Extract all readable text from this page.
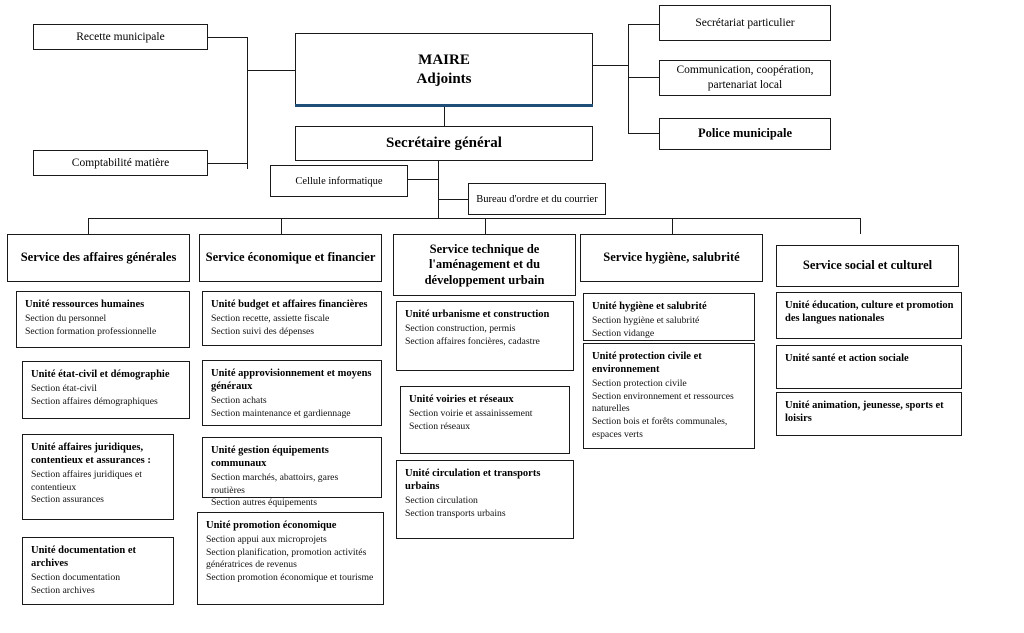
Recette municipale
Comptabilité matière
MAIRE
Adjoints
Secrétariat particulier
Communication, coopération,
partenariat local
Police municipale
Secrétaire général
Cellule informatique
Bureau d'ordre et du courrier
Service des affaires générales Service économique et financier
Service technique de l'aménagement et du développement urbain
Service hygiène, salubrité
Service social et culturel
Unité ressources humaines
Section du personnel
Section formation professionnelle
Unité état-civil et démographie
Section état-civil
Section affaires démographiques
Unité affaires juridiques, contentieux et assurances :
Section affaires juridiques et contentieux
Section assurances
Unité documentation et archives
Section documentation
Section archives
Unité budget et affaires financières
Section recette, assiette fiscale
Section suivi des dépenses
Unité approvisionnement et moyens généraux
Section achats
Section maintenance et gardiennage
Unité gestion équipements communaux
Section marchés, abattoirs, gares routières
Section autres équipements
Unité promotion économique
Section appui aux microprojets
Section planification, promotion activités génératrices de revenus
Section promotion économique et tourisme
Unité urbanisme et construction
Section construction, permis
Section affaires foncières, cadastre
Unité voiries et réseaux
Section voirie et assainissement
Section réseaux
Unité circulation et transports urbains
Section circulation
Section transports urbains
Unité hygiène et salubrité
Section hygiène et salubrité
Section vidange
Unité protection civile et environnement
Section protection civile
Section environnement et ressources naturelles
Section bois et forêts communales, espaces verts
Unité éducation, culture et promotion des langues nationales
Unité santé et action sociale
Unité animation, jeunesse, sports et loisirs
